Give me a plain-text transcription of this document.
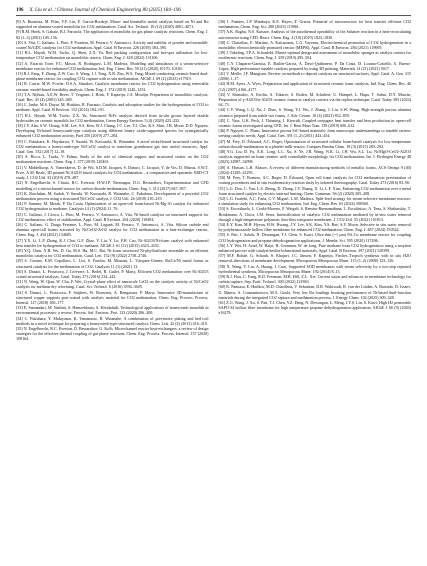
196 X. Liu et al. / Chinese Journal of Chemical Engineering 80 (2025) 184–196

[8] A. Buonitza, M. Pilas, Y.F. Lin, E. Garcia-Bordejé, Mono- and bimetallic metal catalysts based on Ni and Ru supported on alumina-coated monoliths for CO2 methanation, Catal. Sci. Technol. 10 (12) (2020) 4061–4071.

[9] R.M. Hoek, S. Gabatz, R.J. Faroacla, The application of monoliths for gas phase catalytic reactions, Chem. Eng. J. 82 (1–3) (2001) 149–156.

[10] A. Vita, C. Italiano, L. Pino, P. Frontera, M. Ferraro, V. Antonucci, Activity and stability of powder and monolith-coated Ni/GDC catalysts for CO2 methanation, Appl. Catal. B Environ. 226 (2018) 384–395.

[11] H.L. Huynh, W.M. Tucho, Q. Shen, Z.X. Yu, Bed packing configuration and hot-spot utilization for low-temperature CO2 methanation on monolithic reactor, Chem. Eng. J. 428 (2022) 131106.

[12] A. Estarita Torre, F.C. Mosca, R. Rodriguez, L.M. Madeira, Modeling and simulation of a steam-selective membrane reactor for enhanced CO2 methanation, Ind. Eng. Chem. Res. 59 (21) (2020) 10170–10184.

[13] R.J. Fang, F. Zhang, Z.W. Cao, S. Wang, J.J. Tong, X.R. Zhu, W.S. Yang, Mixed conducting ceramic-based dual-phase membrane reactor for coupling CO2 capture with in situ methanation, AIChE J. 69 (2) (2023) e17919.

[14] R. Currie, M.W. Fowler, D.S.A. Simakov, Catalytic membrane reactor for CO2 hydrogenation using renewable streams: model-based feasibility analysis, Chem. Eng. J. 372 (2019) 1240–1252.

[15] T.A. Nijhuis, A.E.W. Beers, T. Vergunst, I. Hoek, F. Kapteijn, J.A. Moulijn, Preparation of monolithic catalysts, Catal. Rev. 43 (4) (2001) 345–380.

[16] C. Janke, M.S. Duyar, M. Hoskins, R. Farrauto, Catalytic and adsorption studies for the hydrogenation of CO2 to methane, Appl. Catal. B Environ. 152 (2014) 184–191.

[17] H.L. Huynh, W.M. Tucho, Z.X. Yu, Structured NiFe catalysts derived from in-situ grown layered double hydroxides on ceramic monolith for CO2 methanation, Green Energy Environ. 5 (4) (2020) 423–432.

[18] J.Y. Ahn, S.W. Chung, S.M. Lee, S.S. Kim, W.J. Chung, J.C. Lee, Y.J. Cho, K.S. Shin, J.H. Moon, D.D. Nguyen, Developing Ni-based honeycomb-type catalysts using different binary oxide-supported species for synergistically enhanced CO2 methanation activity, Fuel 250 (2019) 277–284.

[19] C. Fukuhara, K. Hayakawa, Y. Suzuki, W. Kawasaki, R. Watanabe, A novel nickel-based structured catalyst for CO2 methanation: a honeycomb-type Ni/CeO2 catalyst to transform greenhouse gas into useful resources, Appl. Catal. Gen. 532 (2017) 12–18.

[20] A. Ricca, L. Truda, V. Palma, Study of the role of chemical support and structured carrier on the CO2 methanation reactions, Chem. Eng. J. 377 (2019) 120461.

[21] V. Middelkoop, A. Vamvakeros, D. de Wit, S.D.M. Jacques, S. Danaci, C. Jacquot, Y. de Vos, D. Matras, S.W.T. Price, A.M. Beale, 3D printed Ni/Al2O3 based catalysts for CO2 methanation – a comparative and operando XRD-CT study, J. CO2 Util. 33 (2019) 478–487.

[22] N. Engelbrecht, S. Chiuta, R.C. Everson, H.W.J.P. Neomagus, D.G. Bessarabov, Experimentation and CFD modelling of a microchannel reactor for carbon dioxide methanation, Chem. Eng. J. 313 (2017) 847–857.

[23] K. Ratchahat, M. Sudoh, Y. Suzuki, W. Kawasaki, R. Watanabe, C. Fukuhara, Development of a powerful CO2 methanation process using a structured Ni/CeO2 catalyst, J. CO2 Util. 24 (2018) 210–219.

[24] P. Summa, M. Motak, P. Da Costa, Optimization of an open-cell foam-based Ni-Mg-Al catalyst for enhanced CO2 hydrogenation to methane, Catalysts 14 (1) (2024) 11. 76.

[25] C. Italiano, J. Llorca, L. Pino, M. Ferraro, V. Antonucci, A. Vita, Ni-based catalysts on structured supports for CO2 methanation: effect of stabilization, Appl. Catal. B Environ. 264 (2020) 118494.

[26] C. Italiano, G. Drago Ferrante, L. Pino, M. Laganà, M. Ferraro, V. Antonucci, A. Vita, Silicon carbide and alumina open-cell foams activated by Ni/CeO2-ZrO2 catalyst for CO2 methanation in a heat-exchanger reactor, Chem. Eng. J. 434 (2022) 134685.

[27] Y.X. Li, L.P. Zhang, K.J. Chai, G.F. Zhao, Y. Liu, Y. Lu, F.H. Cao, Ni-Al2O3/Ni-foam catalyst with enhanced heat transfer for hydrogenation of CO2 to methane, AIChE J. 61 (12) (2015) 4323–4331.

[28] Y.Q. Chen, X.H. Wu, D. Ga, M.S. Hu, M.C. Bai, Ni-foam structured Ni-phyllosilicate ensemble as an efficient monolithic catalyst for CO2 methanation, Catal. Lett. 152 (9) (2022) 2738–2746.

[29] S. Cimino, E.M. Cepollaro, L. Lisi, S. Fasolin, M. Musiani, L. Vázquez-Gómez, Ru/Ce/Ni metal foams as structured catalysts for the methanation of CO2, Catalysts 11 (1) (2021) 13.

[30] S. Danaci, L. Protasova, J. Lefevere, L. Bedel, R. Guilet, P. Marty, Efficient CO2 methanation over Ni/Al2O3 coated structured catalysts, Catal. Today 273 (2016) 234–243.

[31] N. Wang, W. Qian, W. Chu, F. Wei, Crystal-plane effect of nanoscale CeO2 on the catalytic activity of Ni/CeO2 catalysts for methane dry reforming, Catal. Sci. Technol. 6 (2016) 3594–3605.

[32] S. Danaci, L. Protasova, F. Snijkers, W. Bouwens, A. Bengaouer, P. Marty, Innovative 3D-manufacture of structured copper supports post-coated with catalytic material for CO2 methanation, Chem. Eng. Process. Process. Intensif. 127 (2018) 168–177.

[33] E. Samandari, M. Nadimi, S. Hamzehlouia, S. Khodadadi, Technological applications of honeycomb monolith in environmental processes: a review, Process. Saf. Environ. Prot. 133 (2020) 286–300.

[34] C. Fukuhara, Y. Makiyama, K. Yamamoto, R. Watanabe, A combination of preventive plating and bed-coil methods as a novel technique for preparing a honeycomb-type-structured catalyst, Chem. Lett. 42 (4) (2013) 416–418.

[35] N. Engelbrecht, R.C. Everson, D. Bessarabov, G. Kolb, Microchannel reactor heat-exchangers: a review of design strategies for the effective thermal coupling of gas phase reactions, Chem. Eng. Process. Process. Intensif. 157 (2020) 108164.

[36] I. Fuentes, J.P. Mimbaya, K.E. Hayes, F. Gracia, Potential of microreactors for heat transfer efficient CO2 methanation, Chem. Eng. Sci. 280 (2023) 119061.

[37] A.K. Raghu, N.S. Kaisare, Analysis of the autothermal operability of the Sabatier reaction in a heat-recirculating microreactor using CFD, React. Chem. Eng. 4 (10) (2019) 1823–1830.

[38] C. Chatzilias, E. Martino, A. Katsaounis, C.G. Vayenas, Electrochemical promotion of CO2 hydrogenation in a monolithic electrochemically promoted reactor (MEPR), Appl. Catal. B Environ. 284 (2021) 119695.

[39] J. Tabeling, T.P.A. Schonfeld, Matrix-optimal design and assessment of monolithic sponges as catalyst carriers for exothermic reactions, Chem. Eng. J. 359 (2019) 495–504.

[40] C.Y. Chaparro-Garnica, E. Bailón-García, A. Davó-Quiñonero, P. Da Costa, D. Lozano-Castelló, A. Bueno-López, High performance tunable catalysts prepared by using 3D printing, Materials 14 (21) (2021) 5017.

[41] V. Meille, J.F. Mangione, Review on methods to deposit catalysts on structured surfaces, Appl. Catal. A: Gen. 315 (2006) 1–17.

[42] H.M. Ayers, A. Wyss, Preparation and application of structured ceramic foam catalysts, Ind. Eng. Chem. Res. 46 (12) (2007) 4166–4177.

[43] V. Shumilov, A. Kirilin, A. Tokarev, S. Boden, M. Schubert, U. Hampel, L. Hupa, T. Salmi, D.Y. Murzin, Preparation of γ-Al2O3/α-Al2O3 ceramic foams as catalyst carriers via the replica technique, Catal. Today 383 (2022) 64–73.

[44] C.Y. Wang, L.Q. Xu, J. Zhao, S. Wang, Y.J. Wu, J. Zhang, J. Liu, S.W. Wang, High-strength porous alumina ceramics prepared from stable wet foams, J. Adv. Ceram. 10 (4) (2021) 852–859.

[45] C. Vaas, G.K. Peck, J. Thöming, I. Kiewidt, Coupled conjugate heat transfer and heat production in open-cell ceramic foams investigated using CFD, Int. J. Heat Mass Tran. 139 (2019) 606–612.

[46] P. Nguyen, C. Pham, Innovative porous SiC-based materials: from nanoscopic understandings to tunable carriers serving catalytic needs, Appl. Catal. Gen. 391 (1–2) (2011) 443–454.

[47] M. Frey, D. Édouard, A.C. Roger, Optimization of structured cellular foam-based catalysts for low-temperature carbon dioxide methanation in a platelet milli-reactor, Comptes Rendus Chim. 18 (3) (2015) 283–292.

[48] Y.G. Liu, D. Fu, X.K. Long, L.L. Xu, S. Ye, J.B. Wang, N.K. Li, J.H. Wu, S.L. Lu, Ni/MgO-CeO2-Al2O3 catalysts supported on foam ceramic with controllable morphology for CO2 methanation, Int. J. Hydrogen Energy 48 (2023) 32987–32998.

[49] A. Hassan, L.R. Abasov, A review of different manufacturing methods of metallic foams, ACS Omega 9 (40) (2024) 41285–41295.

[50] M. Frey, T. Romero, A.C. Roger, D. Édouard, Open cell foam catalysts for CO2 methanation: presentation of coating procedures and in situ exothermicity reaction study by infrared thermography, Catal. Today 273 (2016) 83–90.

[51] L.G. Dou, C. Yan, L.S. Zhong, D. Zhang, J.Y. Zhang, X. Li, L.F. Xiao, Enhancing CO2 methanation over a metal foam structured catalyst by electric internal heating, Chem. Commun. 56 (2) (2020) 205–208.

[52] L.G. Iwaleki, A.C. Faria, C.V. Miguel, L.M. Madeira, Split-feed strategy for steam-selective membrane reactors: a simulation study for enhancing CO2 methanation, Ind. Eng. Chem. Res. 63 (2024) 308360.

[53] S. Escorihuela, L. Cerdá-Moreno, F. Weigelt, S. Remiro-Buenamañana, L. Escolástico, A. Tena, S. Shishatskiy, T. Brinkmann, A. Chica, J.M. Serra, Intensification of catalytic CO2 methanation mediated by in-situ water removal through a high-temperature polymeric thin-film composite membrane, J. CO2 Util. 55 (2022) 101813.

[54] E.Y. Kim, M.H. Hyeon, H.W. Hwang, J.Y. Lee, S.K. Kim, Y.S. Bae, S.Y. Moon, Selective in situ water removal by polybenzoxazole hollow fiber membrane for enhanced CO2 methanation, Chem. Eng. J. 487 (2024) 150524.

[55] S. Pati, J. Ashok, N. Dewangan, T.J. Chen, S. Kawi, Ultra-thin (~1 μm) Pd–Cu membrane reactor for coupling CO2 hydrogenation and propane dehydrogenation applications, J. Membr. Sci. 595 (2020) 117496.

[56] L.Y. Wei, H. Azad, W. Haije, H. Grenman, W. de Jong, Pure methane from CO2 hydrogenation using a sorption enhanced process with catalyst/zeolite bifunctional materials, Appl. Catal. B Environ. 297 (2021) 120399.

[57] M.F. Rohde, G. Schaub, S. Khajavi, J.C. Jansen, F. Kapteijn, Fischer–Tropsch synthesis with in situ H2O removal–directions of membrane development, Microporous Mesoporous Mater. 115 (1–2) (2008) 123–136.

[58] X. Wang, Y. Liu, A. Huang, J. Caro, Supported SOD membranes with steam selectivity by a two-step repeated hydrothermal synthesis, Microporous Mesoporous Mater. 192 (2014) 8–13.

[59] R.J. Hou, C. Fang, R.D. Freeman, M.R. Hill, Z.L. Xie, Current status and advances in membrane technology for carbon capture, Sep. Purif. Technol. 300 (2022) 121863.

[60] K. Pantiasa, E. Harlkos, M.D. Chardinos, V. Sebastian, D.R. Wakiwadi, R. van der Linden, A. Baroudo, D. Issaev, G. Maniw, A. Constantinescu, M.A. Goula, Very low Ru loadings boosting performance of Ni-based dual-function materials during the integrated CO2 capture and methanation process, J. Energy Chem. 102 (2025) 309–328.

[61] Z.G. Wang, J. Xu, S. Pati, T.J. Chen, Y.Z. Deng, N. Dewangan, L. Meng, J.Y.S. Lin, S. Kawi, High H2 permeable SAPO-34 hollow fiber membrane for high temperature propane dehydrogenation application, AIChE J. 66 (9) (2020) e16278.
